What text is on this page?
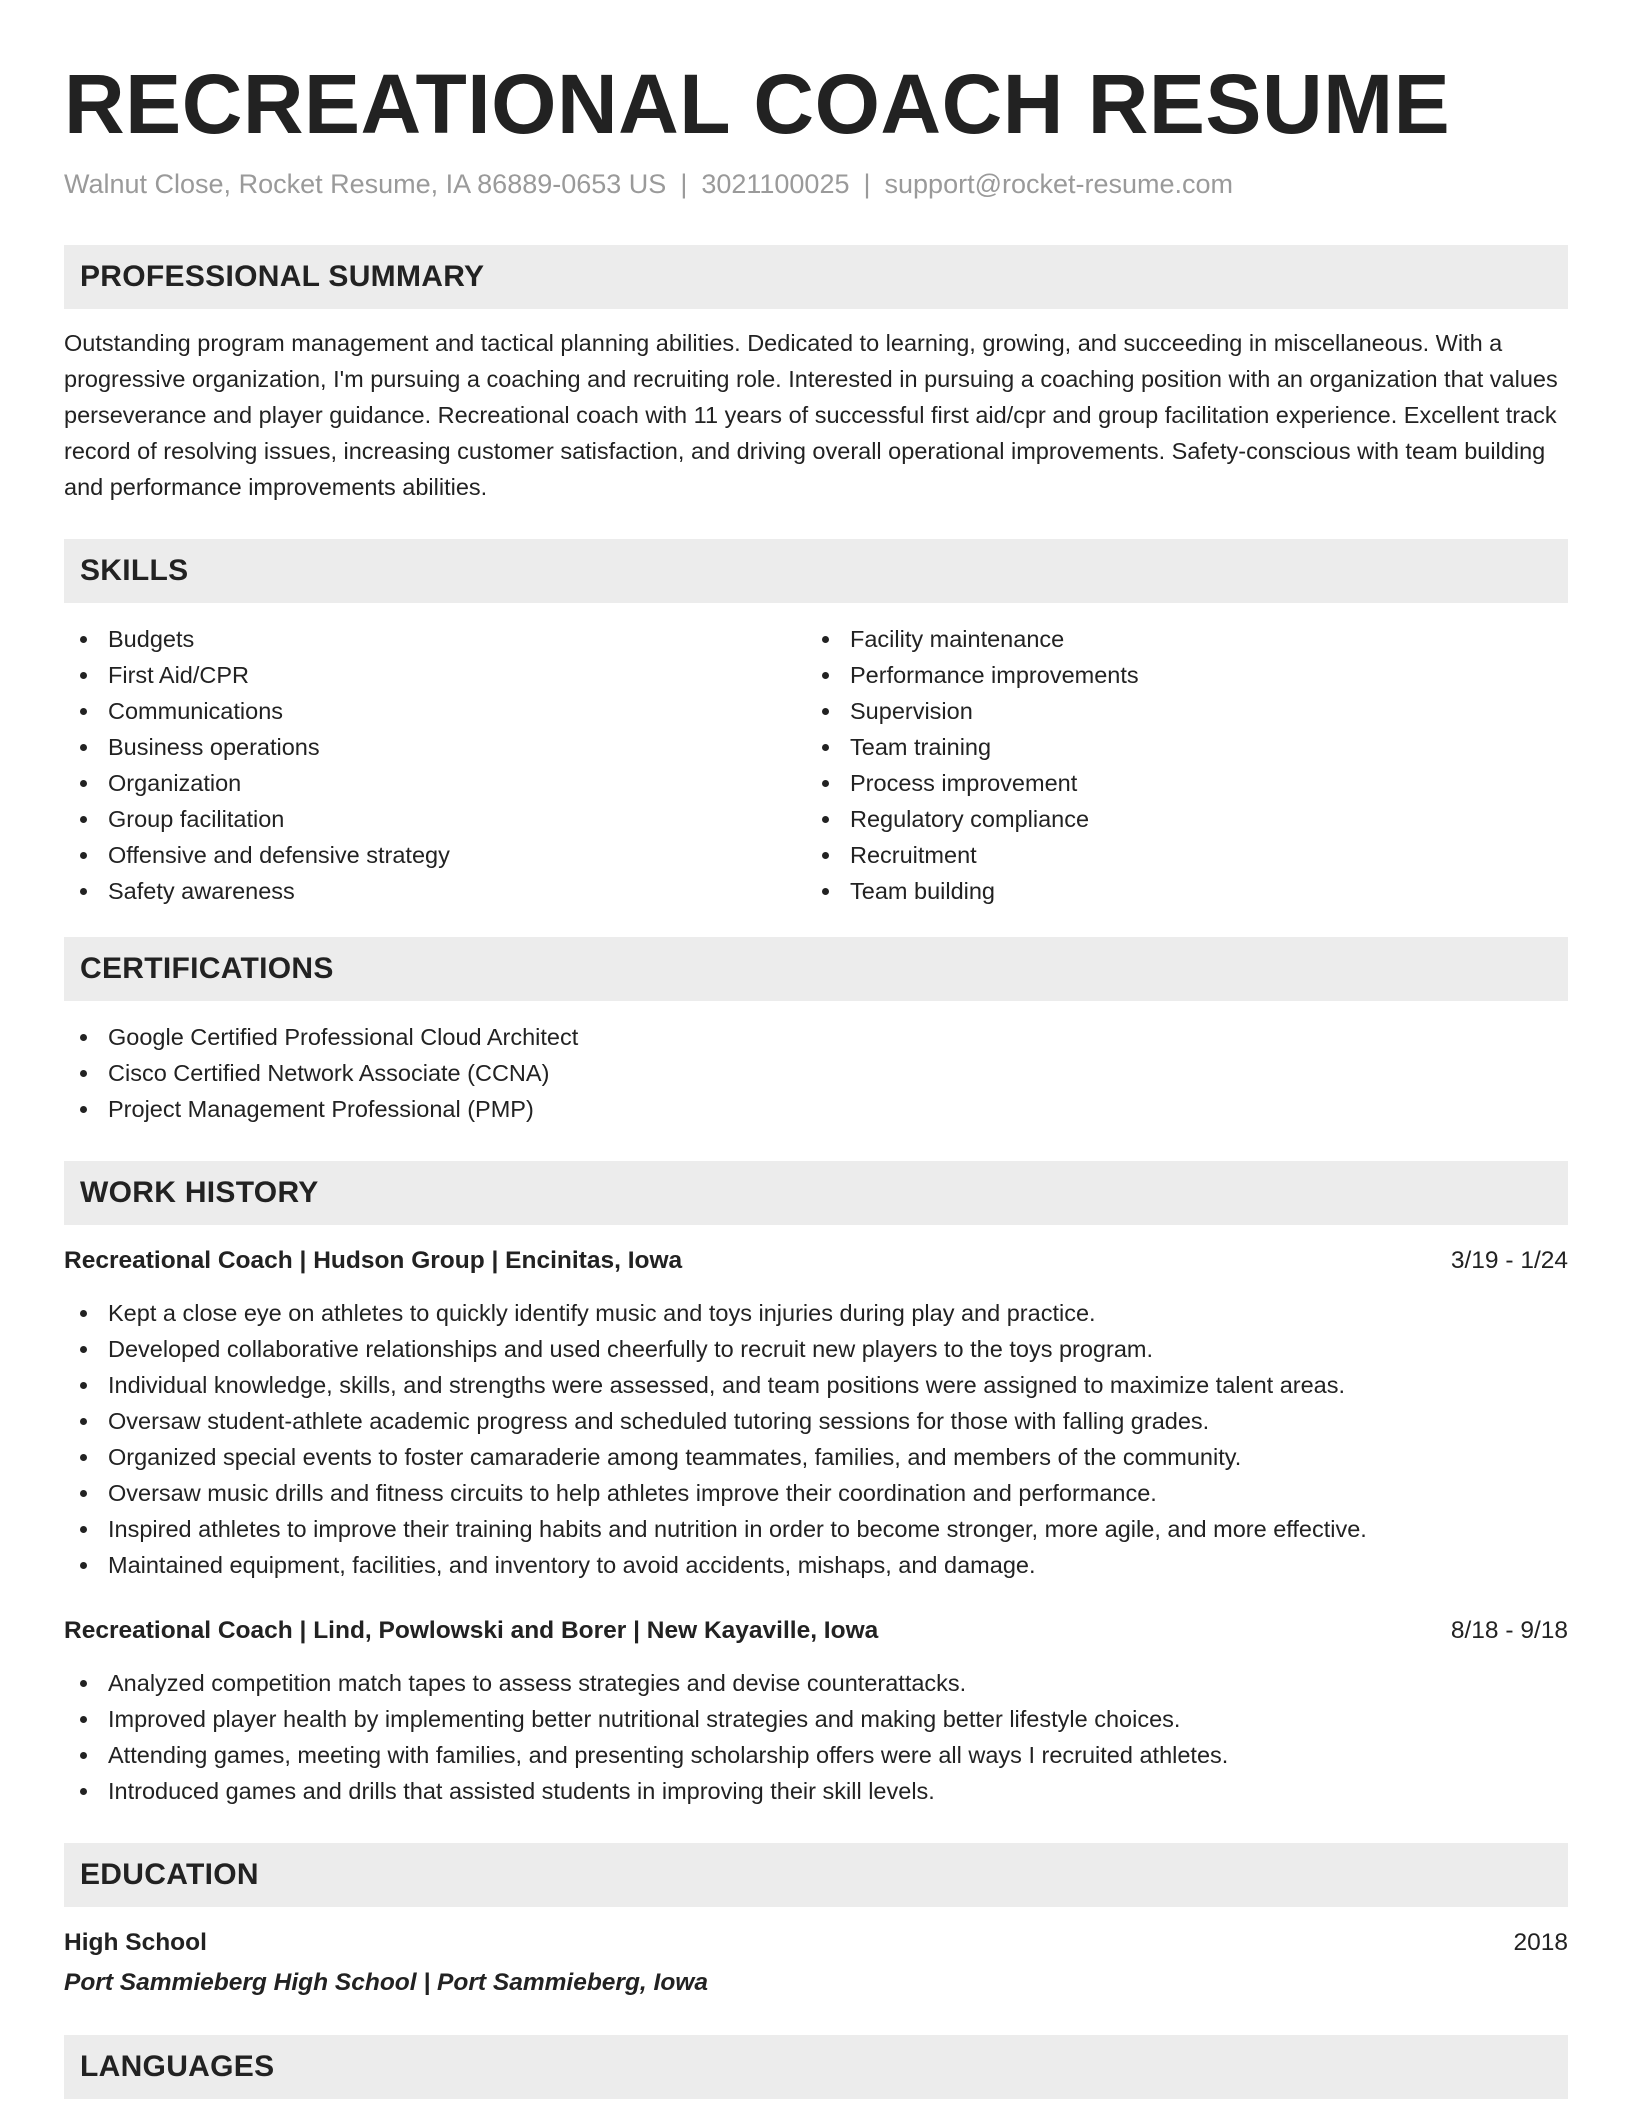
RECREATIONAL COACH RESUME
Walnut Close, Rocket Resume, IA 86889-0653 US | 3021100025 | support@rocket-resume.com
PROFESSIONAL SUMMARY

Outstanding program management and tactical planning abilities. Dedicated to learning, growing, and succeeding in miscellaneous. With a progressive organization, I'm pursuing a coaching and recruiting role. Interested in pursuing a coaching position with an organization that values perseverance and player guidance. Recreational coach with 11 years of successful first aid/cpr and group facilitation experience. Excellent track record of resolving issues, increasing customer satisfaction, and driving overall operational improvements. Safety-conscious with team building and performance improvements abilities.

SKILLS
Budgets
First Aid/CPR
Communications
Business operations
Organization
Group facilitation
Offensive and defensive strategy
Safety awareness
Facility maintenance
Performance improvements
Supervision
Team training
Process improvement
Regulatory compliance
Recruitment
Team building
CERTIFICATIONS
Google Certified Professional Cloud Architect
Cisco Certified Network Associate (CCNA)
Project Management Professional (PMP)
WORK HISTORY
Recreational Coach | Hudson Group | Encinitas, Iowa	3/19 - 1/24
Kept a close eye on athletes to quickly identify music and toys injuries during play and practice.
Developed collaborative relationships and used cheerfully to recruit new players to the toys program.
Individual knowledge, skills, and strengths were assessed, and team positions were assigned to maximize talent areas.
Oversaw student-athlete academic progress and scheduled tutoring sessions for those with falling grades.
Organized special events to foster camaraderie among teammates, families, and members of the community.
Oversaw music drills and fitness circuits to help athletes improve their coordination and performance.
Inspired athletes to improve their training habits and nutrition in order to become stronger, more agile, and more effective.
Maintained equipment, facilities, and inventory to avoid accidents, mishaps, and damage.
Recreational Coach | Lind, Powlowski and Borer | New Kayaville, Iowa	8/18 - 9/18
Analyzed competition match tapes to assess strategies and devise counterattacks.
Improved player health by implementing better nutritional strategies and making better lifestyle choices.
Attending games, meeting with families, and presenting scholarship offers were all ways I recruited athletes.
Introduced games and drills that assisted students in improving their skill levels.
EDUCATION
High School	2018
Port Sammieberg High School | Port Sammieberg, Iowa
LANGUAGES
